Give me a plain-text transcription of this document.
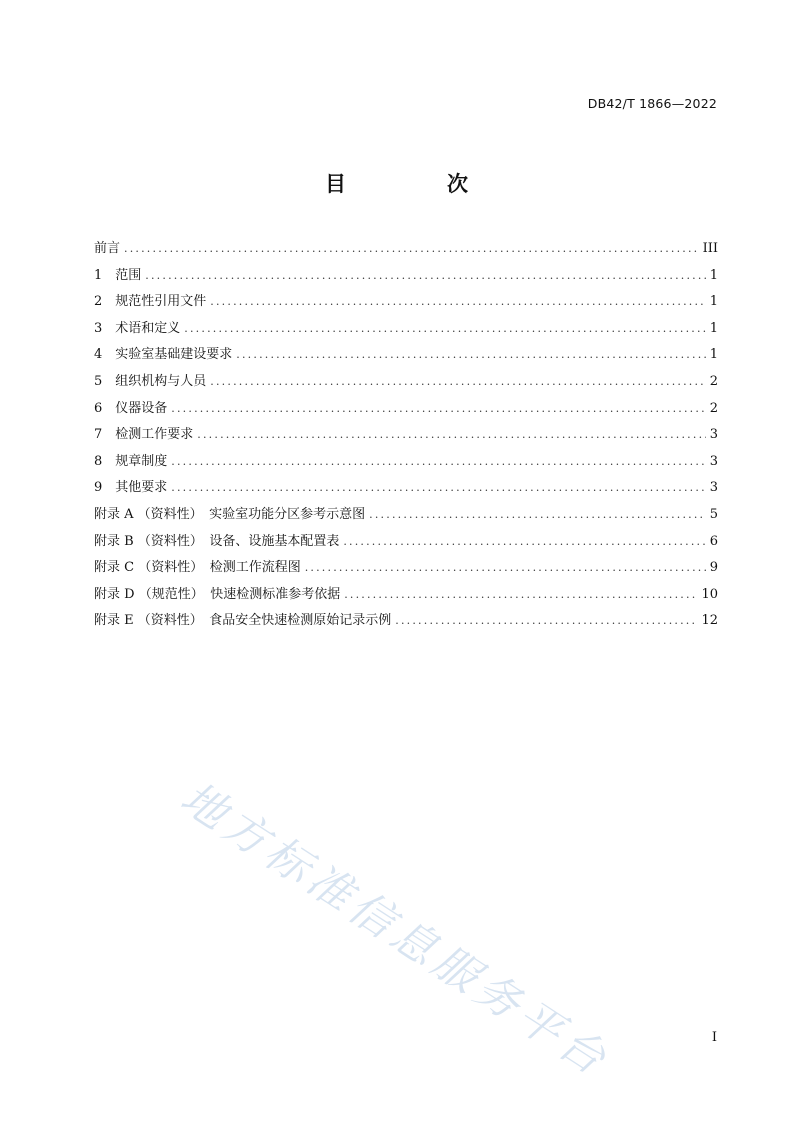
DB42/T 1866—2022
目　次
前言 .....	III
1　范围 .....	1
2　规范性引用文件 .....	1
3　术语和定义 .....	1
4　实验室基础建设要求 .....	1
5　组织机构与人员 .....	2
6　仪器设备 .....	2
7　检测工作要求 .....	3
8　规章制度 .....	3
9　其他要求 .....	3
附录 A （资料性）　实验室功能分区参考示意图 .....	5
附录 B （资料性）　设备、设施基本配置表 .....	6
附录 C （资料性）　检测工作流程图 .....	9
附录 D （规范性）　快速检测标准参考依据 .....	10
附录 E （资料性）　食品安全快速检测原始记录示例 .....	12
地方标准信息服务平台	I
